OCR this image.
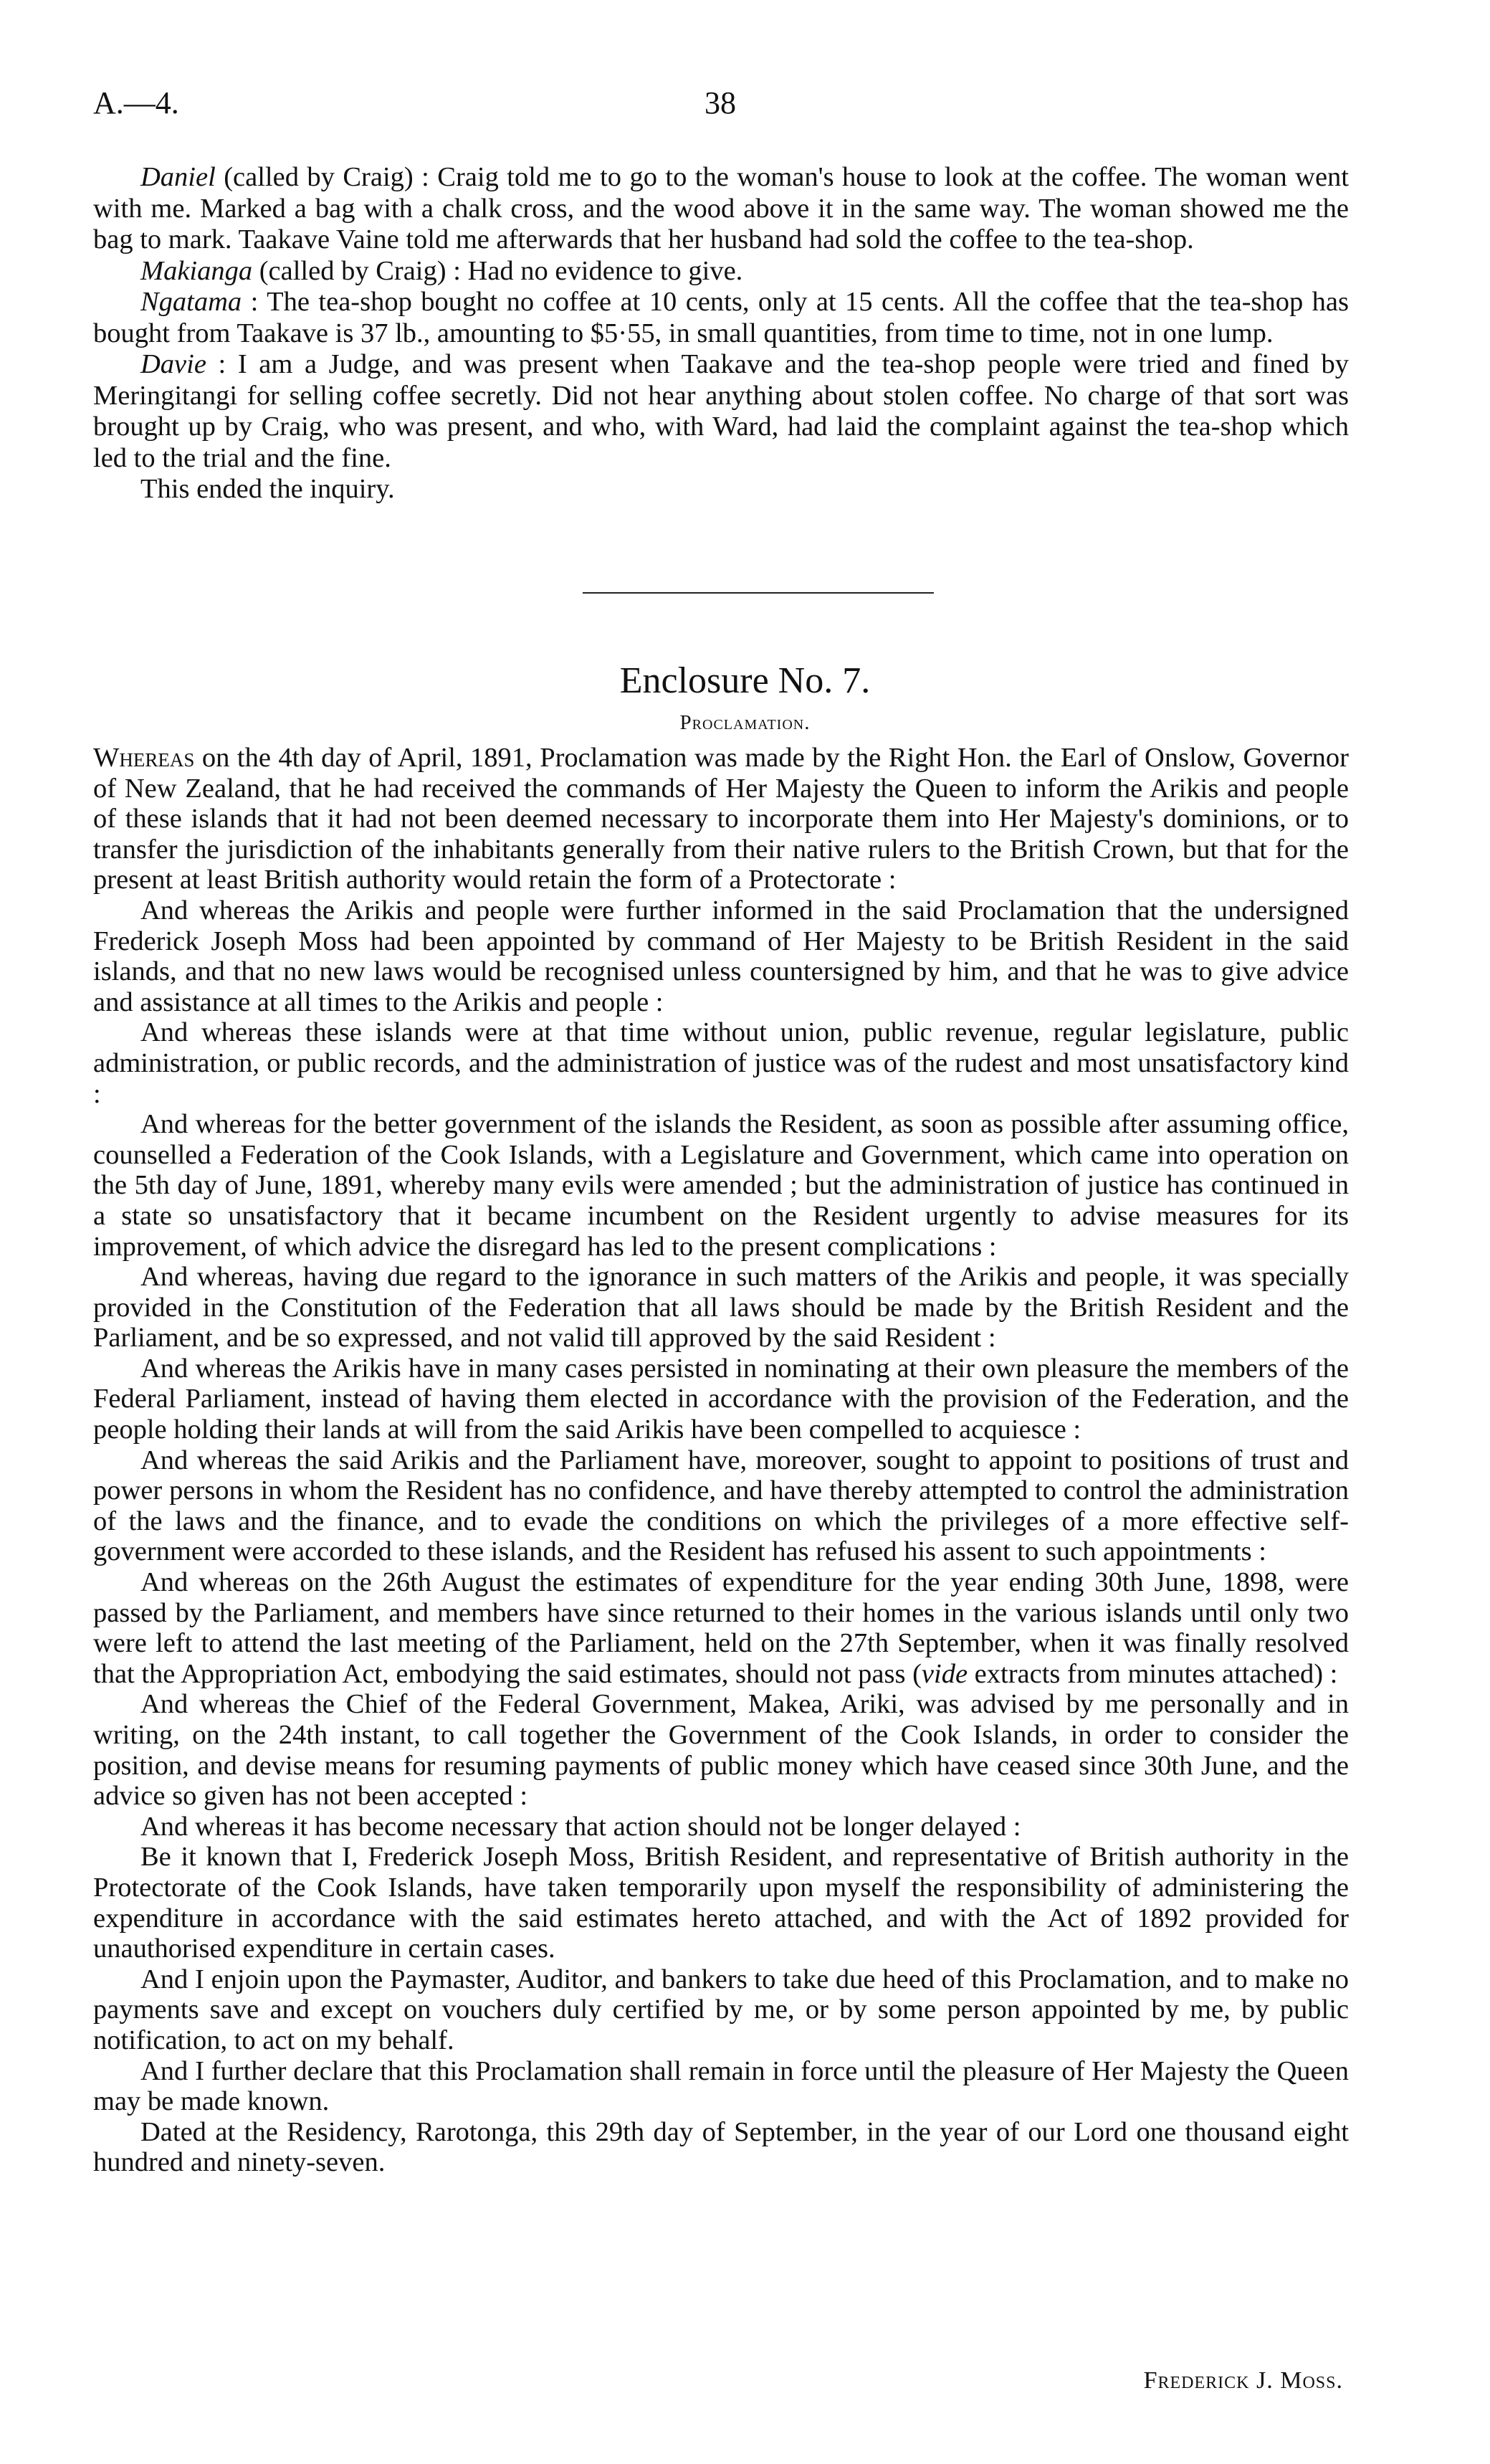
A.—4.	38

Daniel (called by Craig) : Craig told me to go to the woman's house to look at the coffee. The woman went with me. Marked a bag with a chalk cross, and the wood above it in the same way. The woman showed me the bag to mark. Taakave Vaine told me afterwards that her husband had sold the coffee to the tea-shop.

Makianga (called by Craig) : Had no evidence to give.

Ngatama : The tea-shop bought no coffee at 10 cents, only at 15 cents. All the coffee that the tea-shop has bought from Taakave is 37 lb., amounting to $5·55, in small quantities, from time to time, not in one lump.

Davie : I am a Judge, and was present when Taakave and the tea-shop people were tried and fined by Meringitangi for selling coffee secretly. Did not hear anything about stolen coffee. No charge of that sort was brought up by Craig, who was present, and who, with Ward, had laid the complaint against the tea-shop which led to the trial and the fine.

This ended the inquiry.

Enclosure No. 7.
Proclamation.

Whereas on the 4th day of April, 1891, Proclamation was made by the Right Hon. the Earl of Onslow, Governor of New Zealand, that he had received the commands of Her Majesty the Queen to inform the Arikis and people of these islands that it had not been deemed necessary to incorporate them into Her Majesty's dominions, or to transfer the jurisdiction of the inhabitants generally from their native rulers to the British Crown, but that for the present at least British authority would retain the form of a Protectorate :

And whereas the Arikis and people were further informed in the said Proclamation that the undersigned Frederick Joseph Moss had been appointed by command of Her Majesty to be British Resident in the said islands, and that no new laws would be recognised unless countersigned by him, and that he was to give advice and assistance at all times to the Arikis and people :

And whereas these islands were at that time without union, public revenue, regular legislature, public administration, or public records, and the administration of justice was of the rudest and most unsatisfactory kind :

And whereas for the better government of the islands the Resident, as soon as possible after assuming office, counselled a Federation of the Cook Islands, with a Legislature and Government, which came into operation on the 5th day of June, 1891, whereby many evils were amended ; but the administration of justice has continued in a state so unsatisfactory that it became incumbent on the Resident urgently to advise measures for its improvement, of which advice the disregard has led to the present complications :

And whereas, having due regard to the ignorance in such matters of the Arikis and people, it was specially provided in the Constitution of the Federation that all laws should be made by the British Resident and the Parliament, and be so expressed, and not valid till approved by the said Resident :

And whereas the Arikis have in many cases persisted in nominating at their own pleasure the members of the Federal Parliament, instead of having them elected in accordance with the provision of the Federation, and the people holding their lands at will from the said Arikis have been compelled to acquiesce :

And whereas the said Arikis and the Parliament have, moreover, sought to appoint to positions of trust and power persons in whom the Resident has no confidence, and have thereby attempted to control the administration of the laws and the finance, and to evade the conditions on which the privileges of a more effective self-government were accorded to these islands, and the Resident has refused his assent to such appointments :

And whereas on the 26th August the estimates of expenditure for the year ending 30th June, 1898, were passed by the Parliament, and members have since returned to their homes in the various islands until only two were left to attend the last meeting of the Parliament, held on the 27th September, when it was finally resolved that the Appropriation Act, embodying the said estimates, should not pass (vide extracts from minutes attached) :

And whereas the Chief of the Federal Government, Makea, Ariki, was advised by me personally and in writing, on the 24th instant, to call together the Government of the Cook Islands, in order to consider the position, and devise means for resuming payments of public money which have ceased since 30th June, and the advice so given has not been accepted :

And whereas it has become necessary that action should not be longer delayed :

Be it known that I, Frederick Joseph Moss, British Resident, and representative of British authority in the Protectorate of the Cook Islands, have taken temporarily upon myself the responsibility of administering the expenditure in accordance with the said estimates hereto attached, and with the Act of 1892 provided for unauthorised expenditure in certain cases.

And I enjoin upon the Paymaster, Auditor, and bankers to take due heed of this Proclamation, and to make no payments save and except on vouchers duly certified by me, or by some person appointed by me, by public notification, to act on my behalf.

And I further declare that this Proclamation shall remain in force until the pleasure of Her Majesty the Queen may be made known.

Dated at the Residency, Rarotonga, this 29th day of September, in the year of our Lord one thousand eight hundred and ninety-seven.

Frederick J. Moss.
